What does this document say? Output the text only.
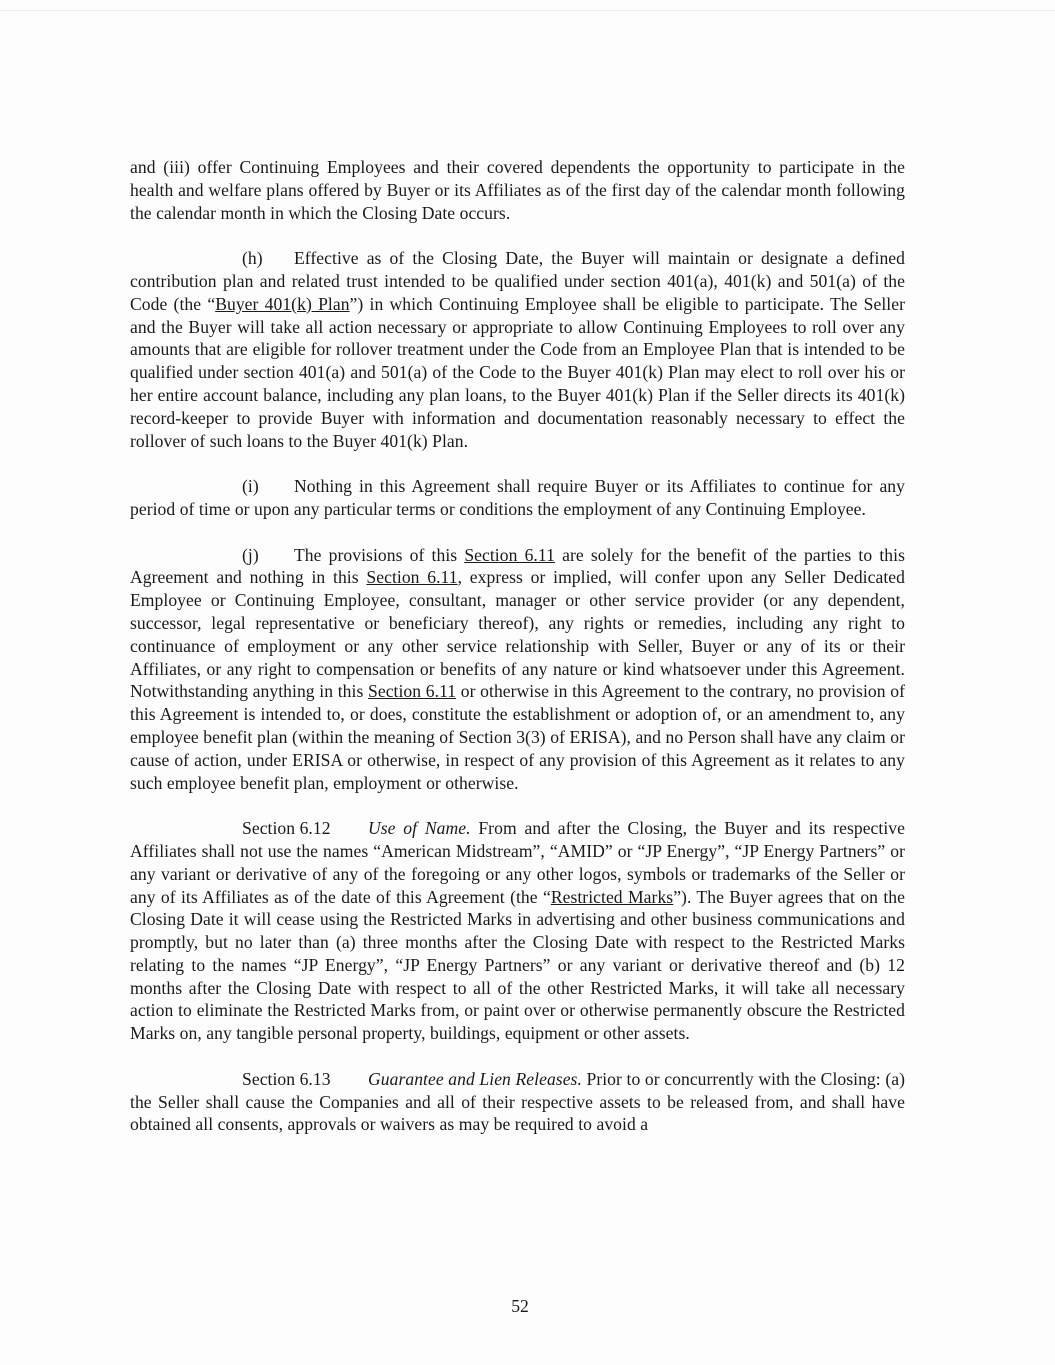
and (iii) offer Continuing Employees and their covered dependents the opportunity to participate in the health and welfare plans offered by Buyer or its Affiliates as of the first day of the calendar month following the calendar month in which the Closing Date occurs.

(h) Effective as of the Closing Date, the Buyer will maintain or designate a defined contribution plan and related trust intended to be qualified under section 401(a), 401(k) and 501(a) of the Code (the “Buyer 401(k) Plan”) in which Continuing Employee shall be eligible to participate. The Seller and the Buyer will take all action necessary or appropriate to allow Continuing Employees to roll over any amounts that are eligible for rollover treatment under the Code from an Employee Plan that is intended to be qualified under section 401(a) and 501(a) of the Code to the Buyer 401(k) Plan may elect to roll over his or her entire account balance, including any plan loans, to the Buyer 401(k) Plan if the Seller directs its 401(k) record-keeper to provide Buyer with information and documentation reasonably necessary to effect the rollover of such loans to the Buyer 401(k) Plan.

(i) Nothing in this Agreement shall require Buyer or its Affiliates to continue for any period of time or upon any particular terms or conditions the employment of any Continuing Employee.

(j) The provisions of this Section 6.11 are solely for the benefit of the parties to this Agreement and nothing in this Section 6.11, express or implied, will confer upon any Seller Dedicated Employee or Continuing Employee, consultant, manager or other service provider (or any dependent, successor, legal representative or beneficiary thereof), any rights or remedies, including any right to continuance of employment or any other service relationship with Seller, Buyer or any of its or their Affiliates, or any right to compensation or benefits of any nature or kind whatsoever under this Agreement. Notwithstanding anything in this Section 6.11 or otherwise in this Agreement to the contrary, no provision of this Agreement is intended to, or does, constitute the establishment or adoption of, or an amendment to, any employee benefit plan (within the meaning of Section 3(3) of ERISA), and no Person shall have any claim or cause of action, under ERISA or otherwise, in respect of any provision of this Agreement as it relates to any such employee benefit plan, employment or otherwise.

Section 6.12 Use of Name. From and after the Closing, the Buyer and its respective Affiliates shall not use the names “American Midstream”, “AMID” or “JP Energy”, “JP Energy Partners” or any variant or derivative of any of the foregoing or any other logos, symbols or trademarks of the Seller or any of its Affiliates as of the date of this Agreement (the “Restricted Marks”). The Buyer agrees that on the Closing Date it will cease using the Restricted Marks in advertising and other business communications and promptly, but no later than (a) three months after the Closing Date with respect to the Restricted Marks relating to the names “JP Energy”, “JP Energy Partners” or any variant or derivative thereof and (b) 12 months after the Closing Date with respect to all of the other Restricted Marks, it will take all necessary action to eliminate the Restricted Marks from, or paint over or otherwise permanently obscure the Restricted Marks on, any tangible personal property, buildings, equipment or other assets.

Section 6.13 Guarantee and Lien Releases. Prior to or concurrently with the Closing: (a) the Seller shall cause the Companies and all of their respective assets to be released from, and shall have obtained all consents, approvals or waivers as may be required to avoid a

52
